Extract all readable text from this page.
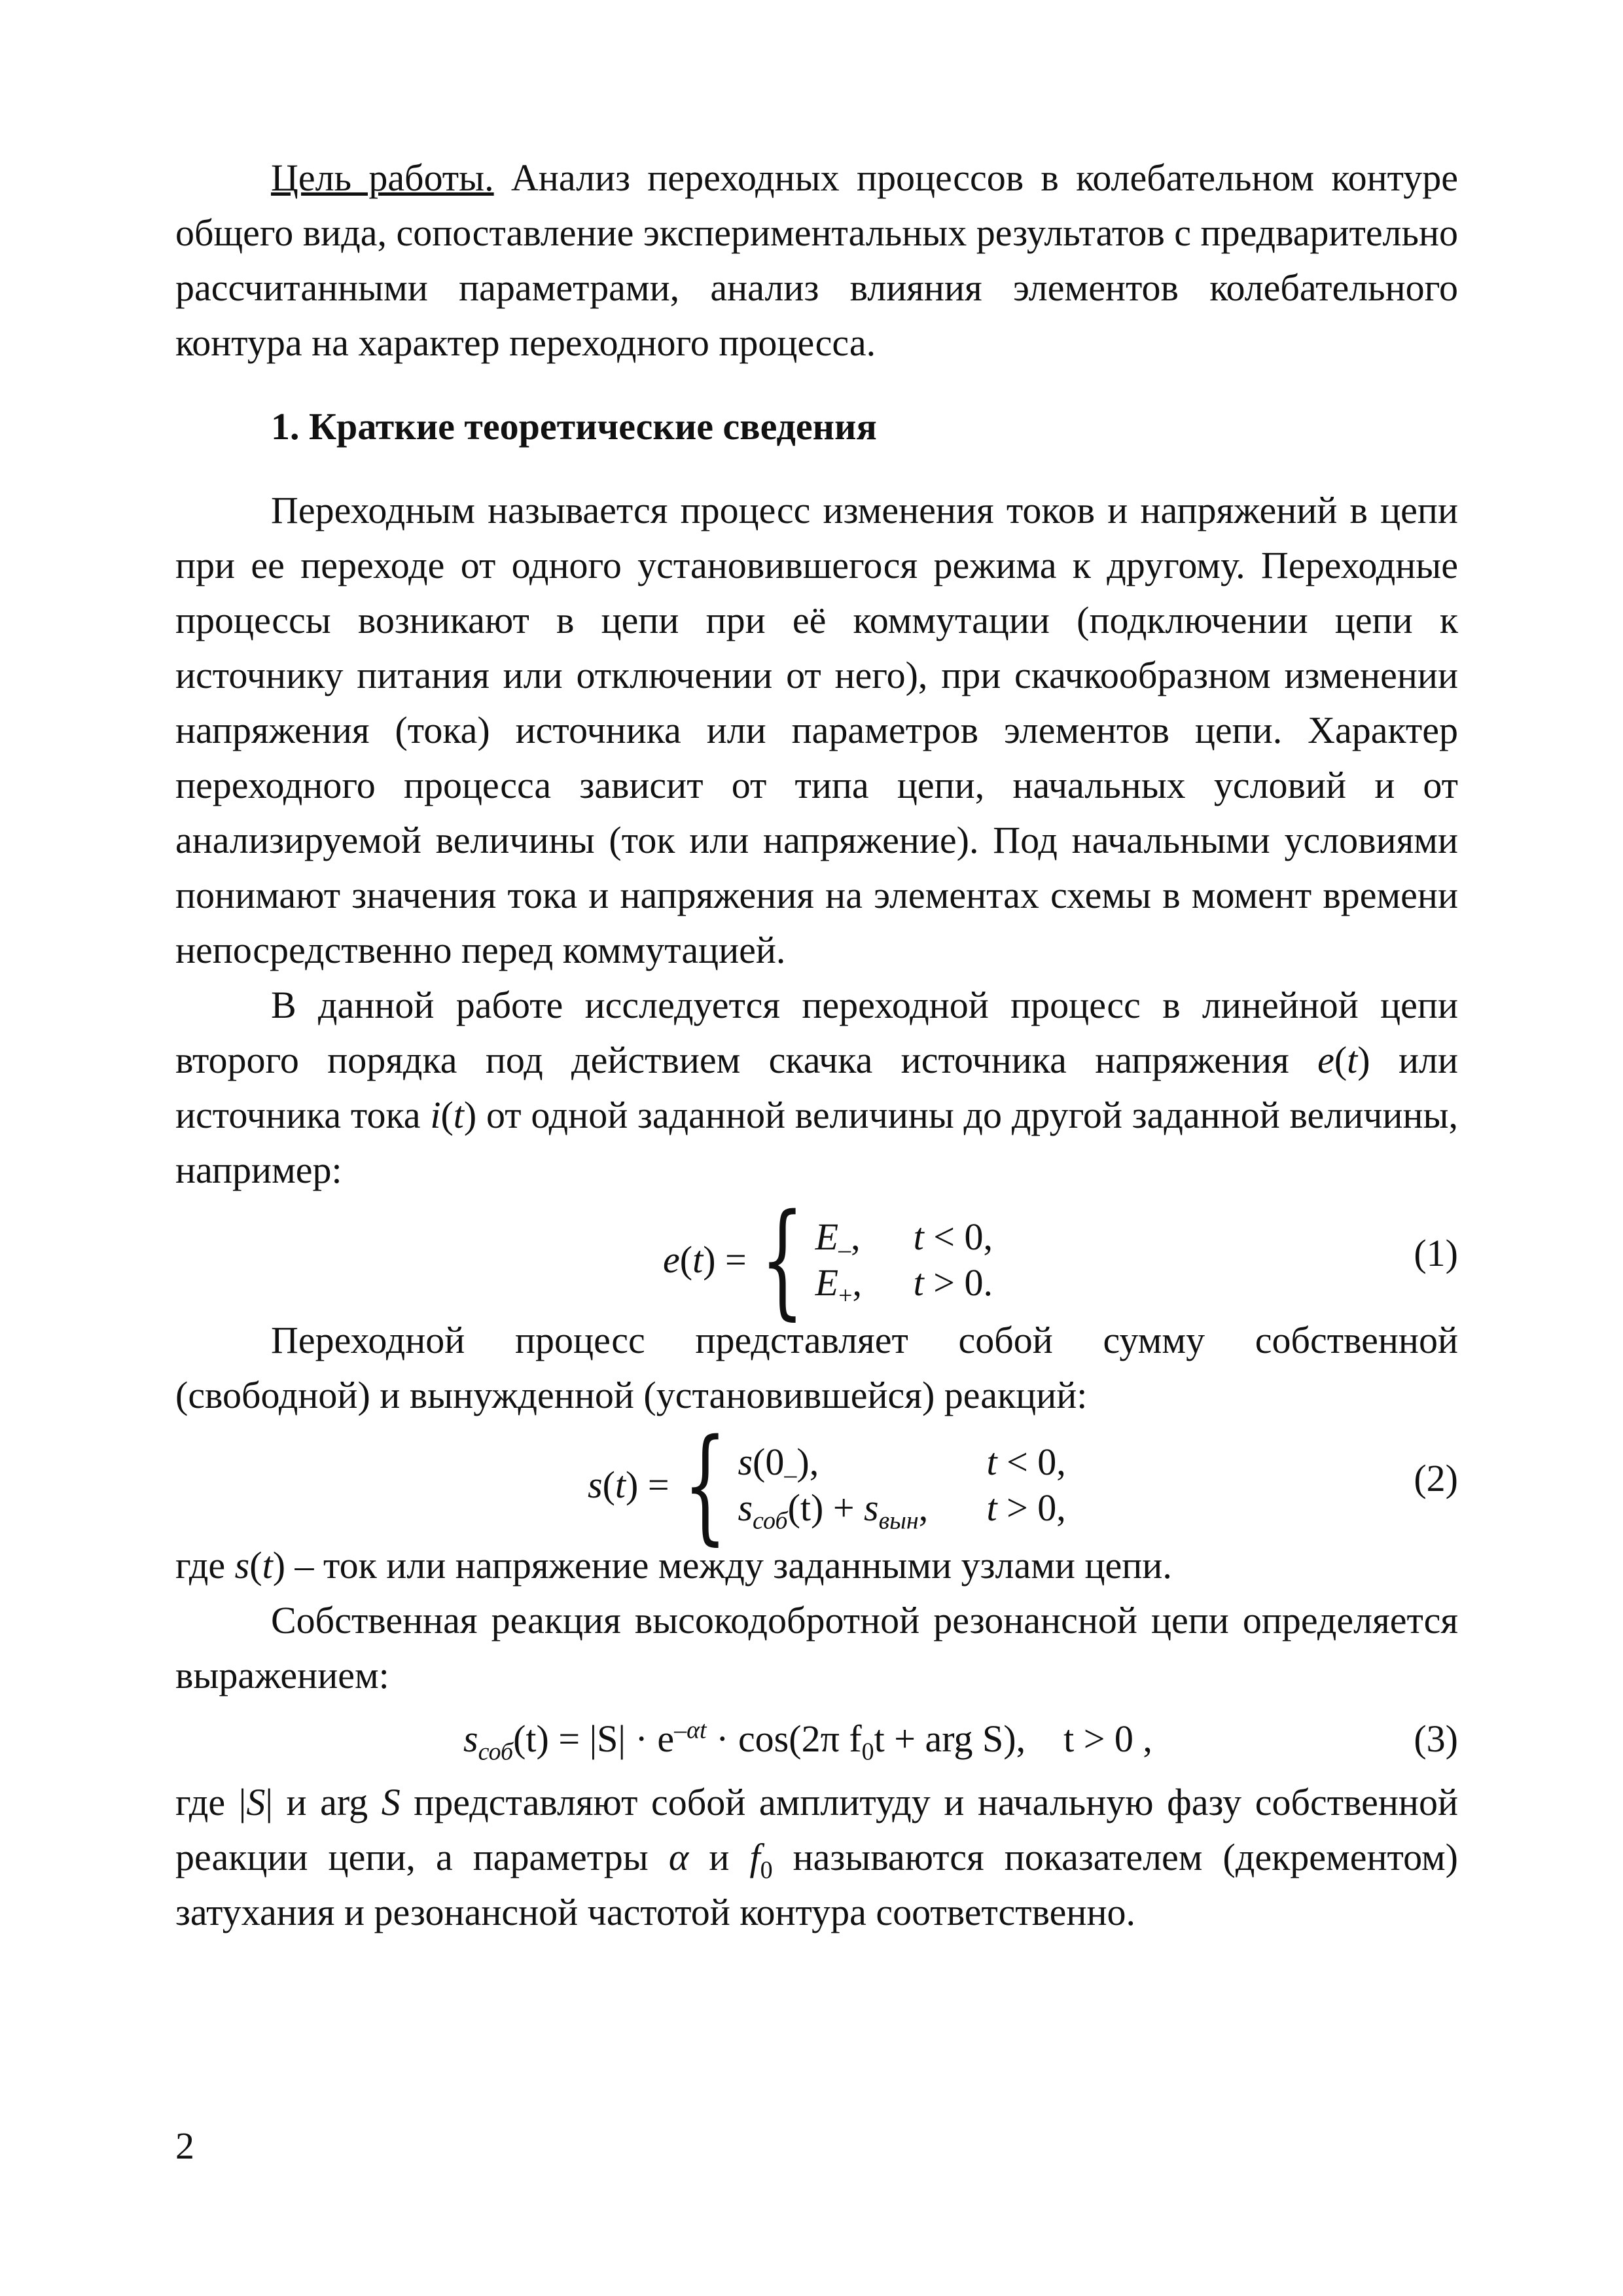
Цель работы. Анализ переходных процессов в колебательном контуре общего вида, сопоставление экспериментальных результатов с предварительно рассчитанными параметрами, анализ влияния элементов колебательного контура на характер переходного процесса.

1. Краткие теоретические сведения

Переходным называется процесс изменения токов и напряжений в цепи при ее переходе от одного установившегося режима к другому. Переходные процессы возникают в цепи при её коммутации (подключении цепи к источнику питания или отключении от него), при скачкообразном изменении напряжения (тока) источника или параметров элементов цепи. Характер переходного процесса зависит от типа цепи, начальных условий и от анализируемой величины (ток или напряжение). Под начальными условиями понимают значения тока и напряжения на элементах схемы в момент времени непосредственно перед коммутацией.

В данной работе исследуется переходной процесс в линейной цепи второго порядка под действием скачка источника напряжения e(t) или источника тока i(t) от одной заданной величины до другой заданной величины, например:

e(t) = { $E_-$,	t < 0,
$E_+$,	t > 0.
(1)

Переходной процесс представляет собой сумму собственной (свободной) и вынужденной (установившейся) реакций:

s(t) = { $s(0_-)$,	t < 0,
$s_{соб}(t) + s_{вын}$,	t > 0,
(2)

где s(t) – ток или напряжение между заданными узлами цепи.

Собственная реакция высокодобротной резонансной цепи определяется выражением:

$s_{соб}(t) = |S| \cdot e^{-\alpha t} \cdot \cos(2\pi$ $f_0t$ + arg S), t > 0 ,	(3)

где |S| и arg S представляют собой амплитуду и начальную фазу собственной реакции цепи, а параметры α и $f_0$ называются показателем (декрементом) затухания и резонансной частотой контура соответственно.

2
